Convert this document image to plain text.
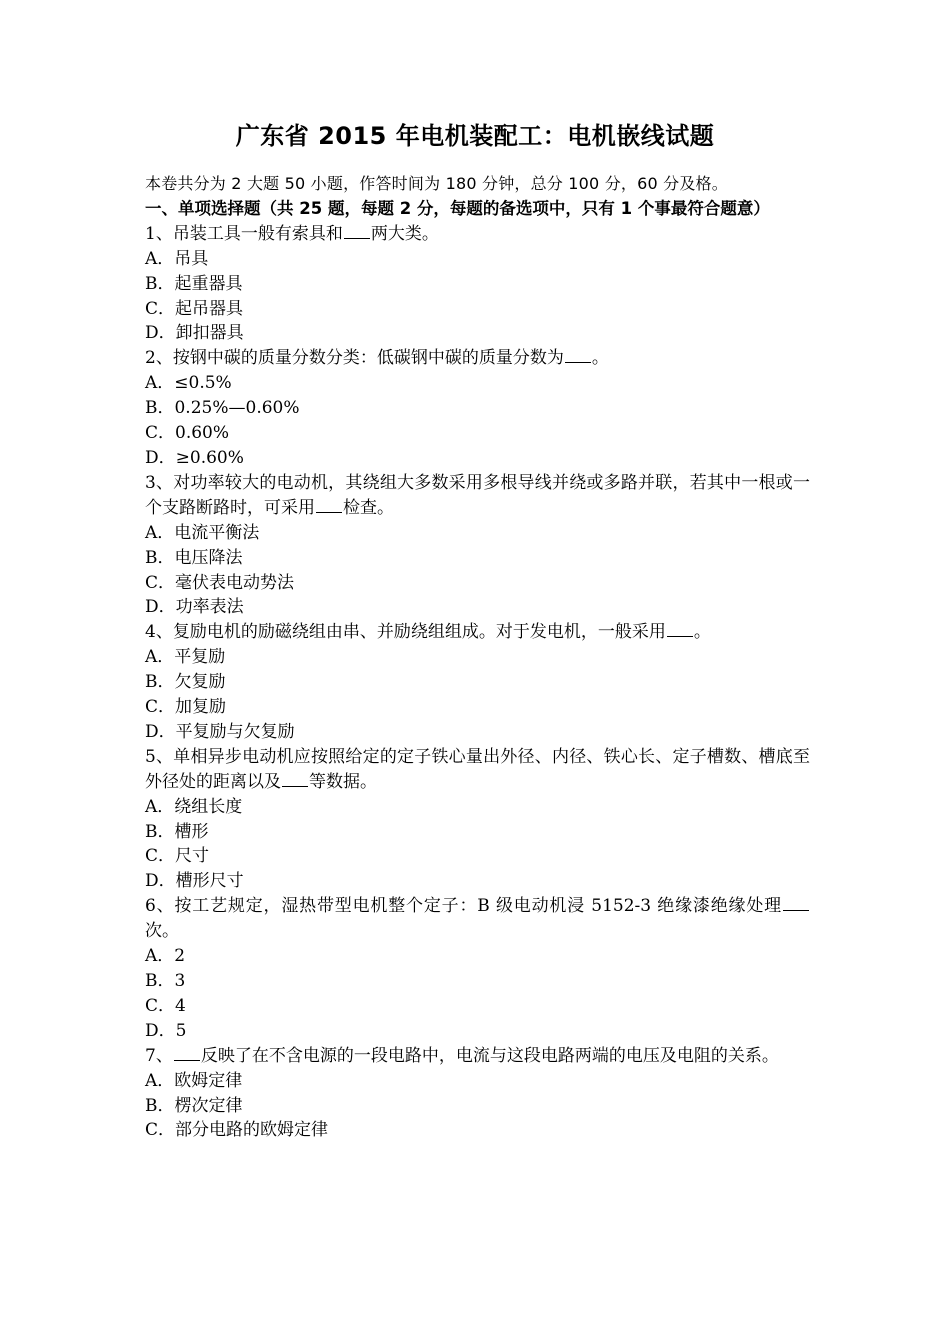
广东省 2015 年电机装配工：电机嵌线试题
本卷共分为 2 大题 50 小题，作答时间为 180 分钟，总分 100 分，60 分及格。
一、单项选择题（共 25 题，每题 2 分，每题的备选项中，只有 1 个事最符合题意）
1、吊装工具一般有索具和 两大类。
A．吊具
B．起重器具
C．起吊器具
D．卸扣器具
2、按钢中碳的质量分数分类：低碳钢中碳的质量分数为 。
A．≤0.5%
B．0.25%—0.60%
C．0.60%
D．≥0.60%
3、对功率较大的电动机，其绕组大多数采用多根导线并绕或多路并联，若其中一根或一个支路断路时，可采用 检查。
A．电流平衡法
B．电压降法
C．毫伏表电动势法
D．功率表法
4、复励电机的励磁绕组由串、并励绕组组成。对于发电机，一般采用 。
A．平复励
B．欠复励
C．加复励
D．平复励与欠复励
5、单相异步电动机应按照给定的定子铁心量出外径、内径、铁心长、定子槽数、槽底至外径处的距离以及 等数据。
A．绕组长度
B．槽形
C．尺寸
D．槽形尺寸
6、按工艺规定，湿热带型电机整个定子：B 级电动机浸 5152-3 绝缘漆绝缘处理次。
A．2
B．3
C．4
D．5
7、 反映了在不含电源的一段电路中，电流与这段电路两端的电压及电阻的关系。
A．欧姆定律
B．楞次定律
C．部分电路的欧姆定律
